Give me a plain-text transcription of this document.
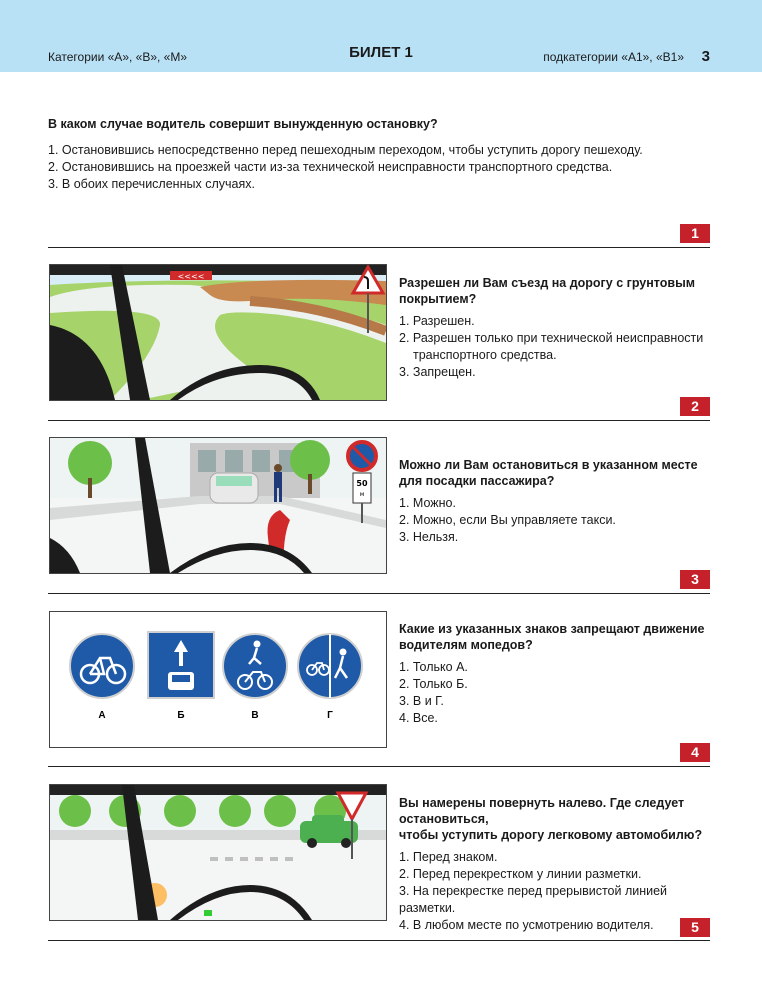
Категории «А», «В», «М»	БИЛЕТ 1	подкатегории «А1», «В1» 3

В каком случае водитель совершит вынужденную остановку?

1. Остановившись непосредственно перед пешеходным переходом, чтобы уступить дорогу пешеходу.

2. Остановившись на проезжей части из-за технической неисправности транспортного средства.

3. В обоих перечисленных случаях.

1
<<<<	Разрешен ли Вам съезд на дорогу с грунтовым
покрытием?

1. Разрешен.

2. Разрешен только при технической неисправности

транспортного средства.

3. Запрещен.

2
50
м

Можно ли Вам остановиться в указанном месте
для посадки пассажира?

1. Можно.

2. Можно, если Вы управляете такси.

3. Нельзя.

3
А	Б	В	Г

Какие из указанных знаков запрещают движение
водителям мопедов?

1. Только А.

2. Только Б.

3. В и Г.

4. Все.

4

Вы намерены повернуть налево. Где следует остановиться,
чтобы уступить дорогу легковому автомобилю?

1. Перед знаком.

2. Перед перекрестком у линии разметки.

3. На перекрестке перед прерывистой линией разметки.

4. В любом месте по усмотрению водителя.	5
